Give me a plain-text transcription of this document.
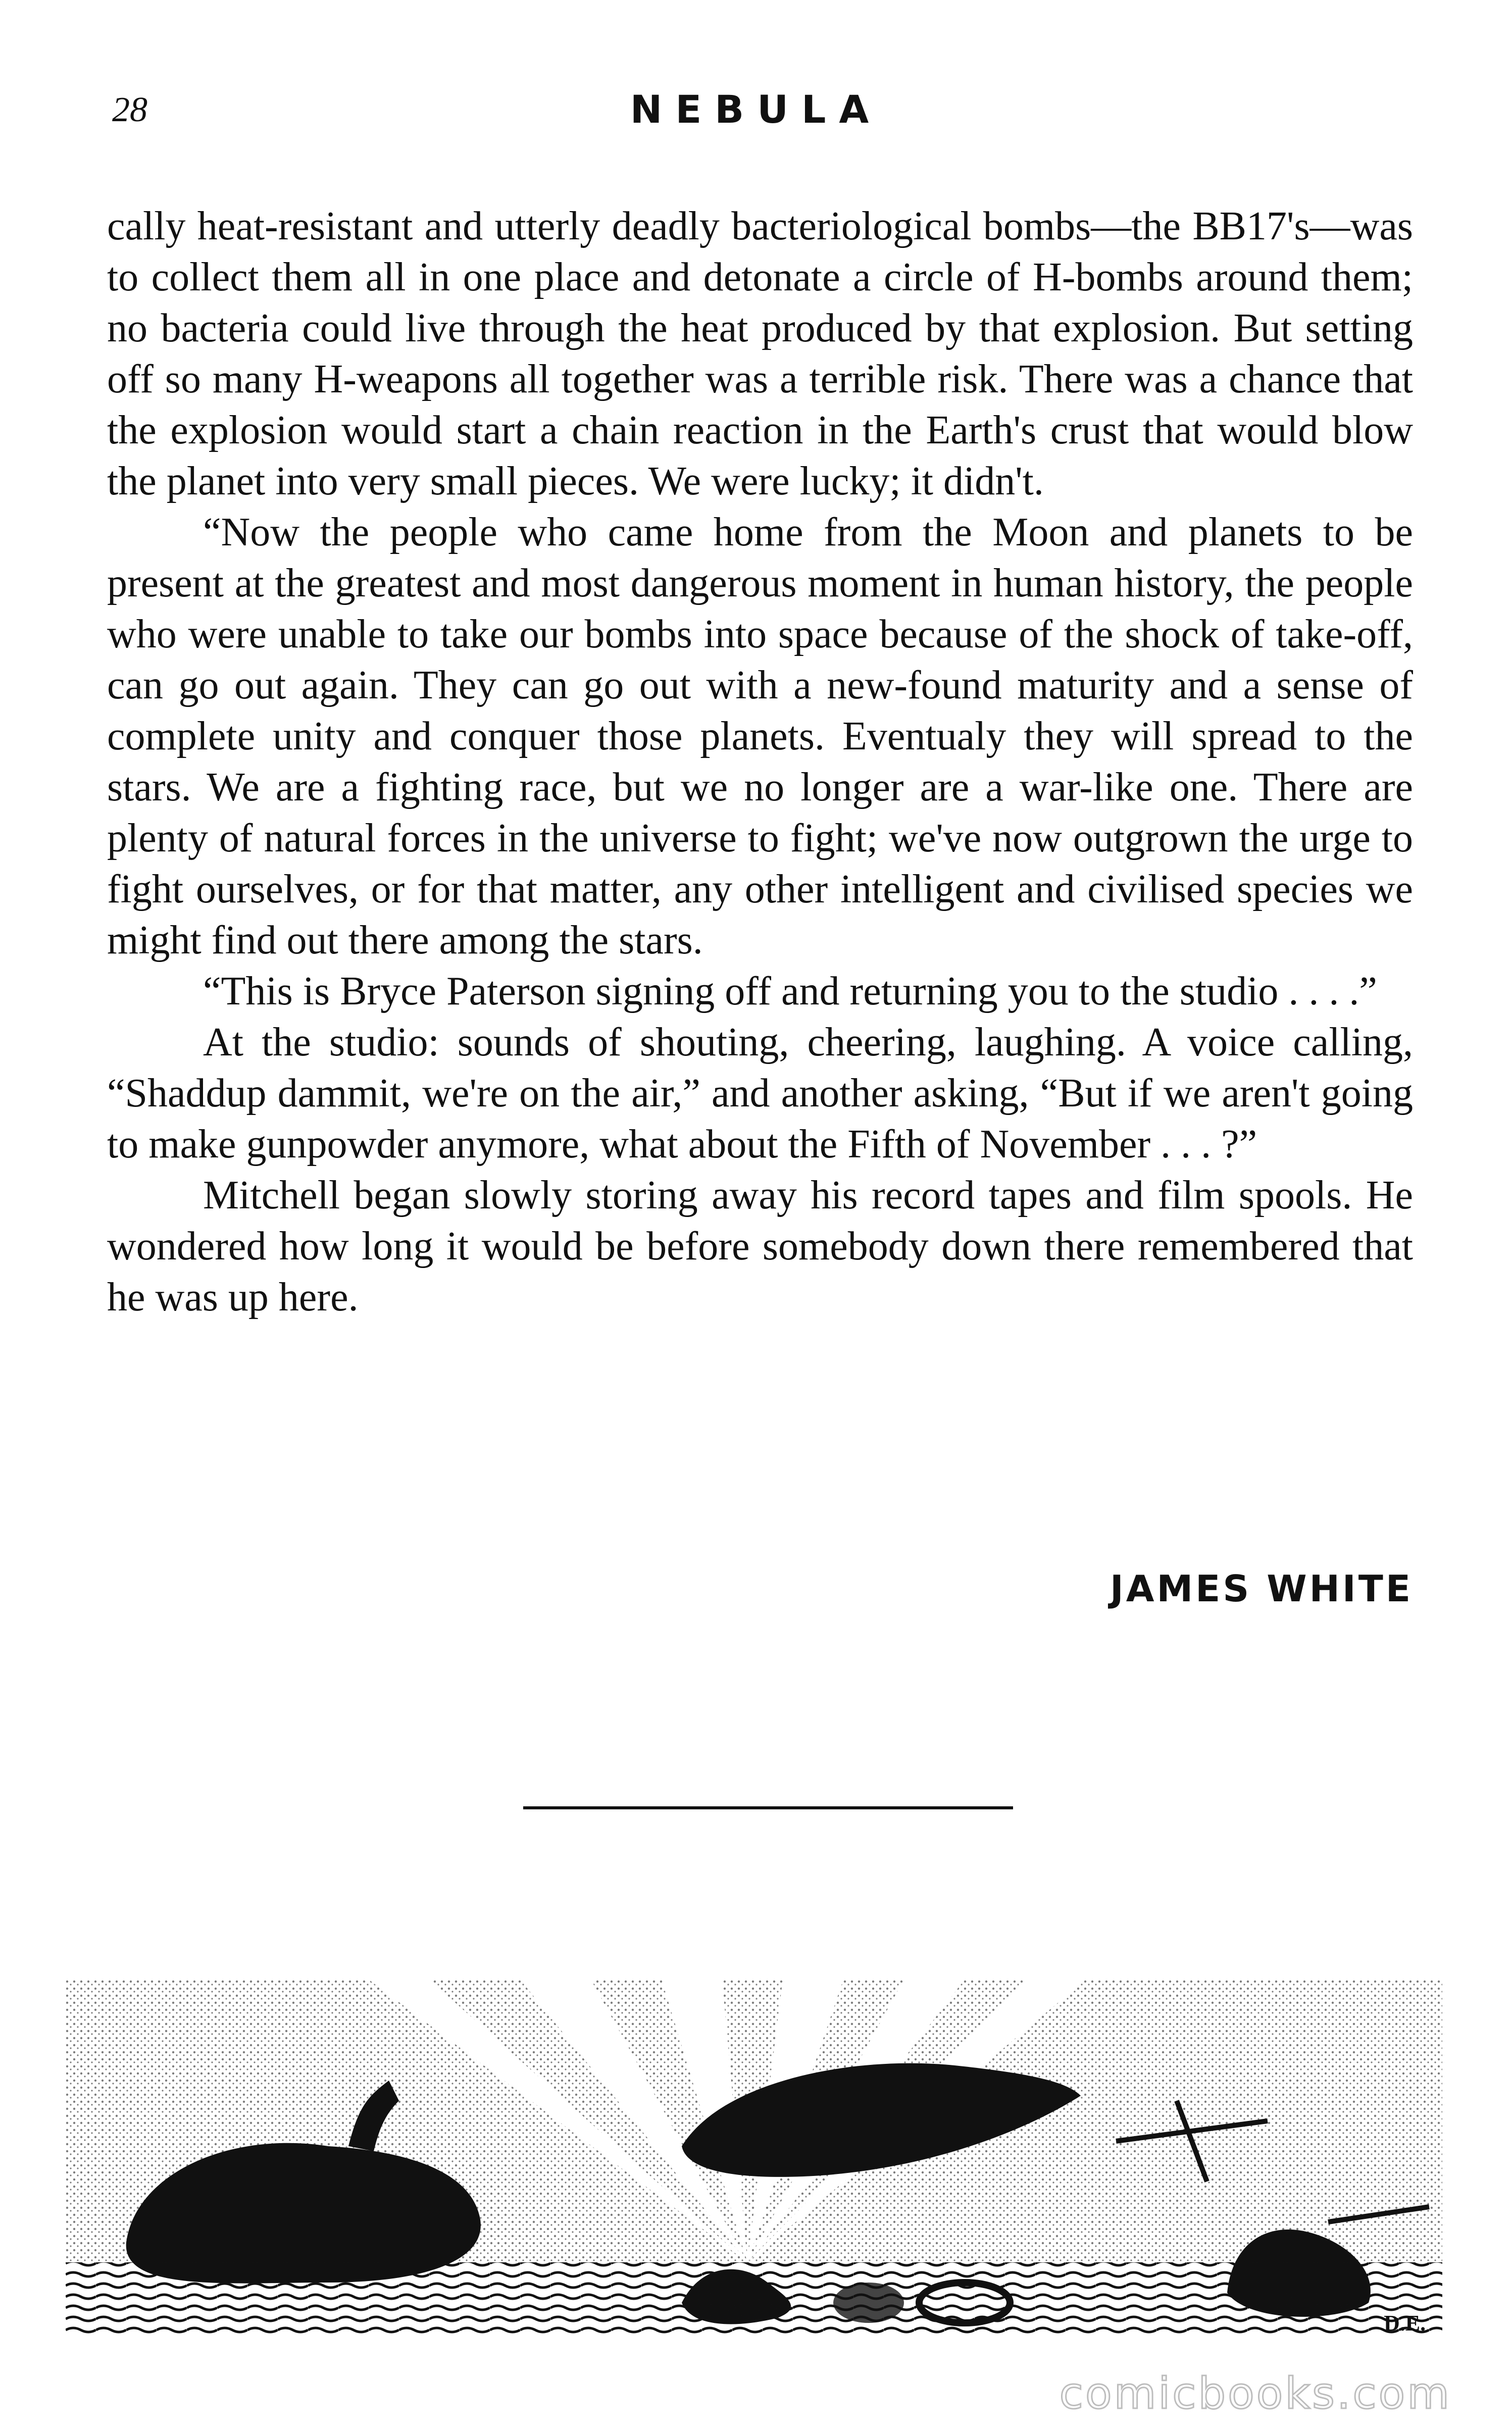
28	NEBULA

cally heat-resistant and utterly deadly bacteriological bombs—the BB17's—was to collect them all in one place and detonate a circle of H-bombs around them; no bacteria could live through the heat produced by that explosion. But setting off so many H-weapons all together was a terrible risk. There was a chance that the explosion would start a chain reaction in the Earth's crust that would blow the planet into very small pieces. We were lucky; it didn't.

“Now the people who came home from the Moon and planets to be present at the greatest and most dangerous moment in human history, the people who were unable to take our bombs into space because of the shock of take-off, can go out again. They can go out with a new-found maturity and a sense of complete unity and conquer those planets. Eventualy they will spread to the stars. We are a fighting race, but we no longer are a war-like one. There are plenty of natural forces in the universe to fight; we've now outgrown the urge to fight ourselves, or for that matter, any other intelligent and civilised species we might find out there among the stars.

“This is Bryce Paterson signing off and returning you to the studio . . . .”

At the studio: sounds of shouting, cheering, laughing. A voice calling, “Shaddup dammit, we're on the air,” and another asking, “But if we aren't going to make gunpowder anymore, what about the Fifth of November . . . ?”

Mitchell began slowly storing away his record tapes and film spools. He wondered how long it would be before somebody down there remembered that he was up here.

JAMES WHITE
D.E.
comicbooks.com
